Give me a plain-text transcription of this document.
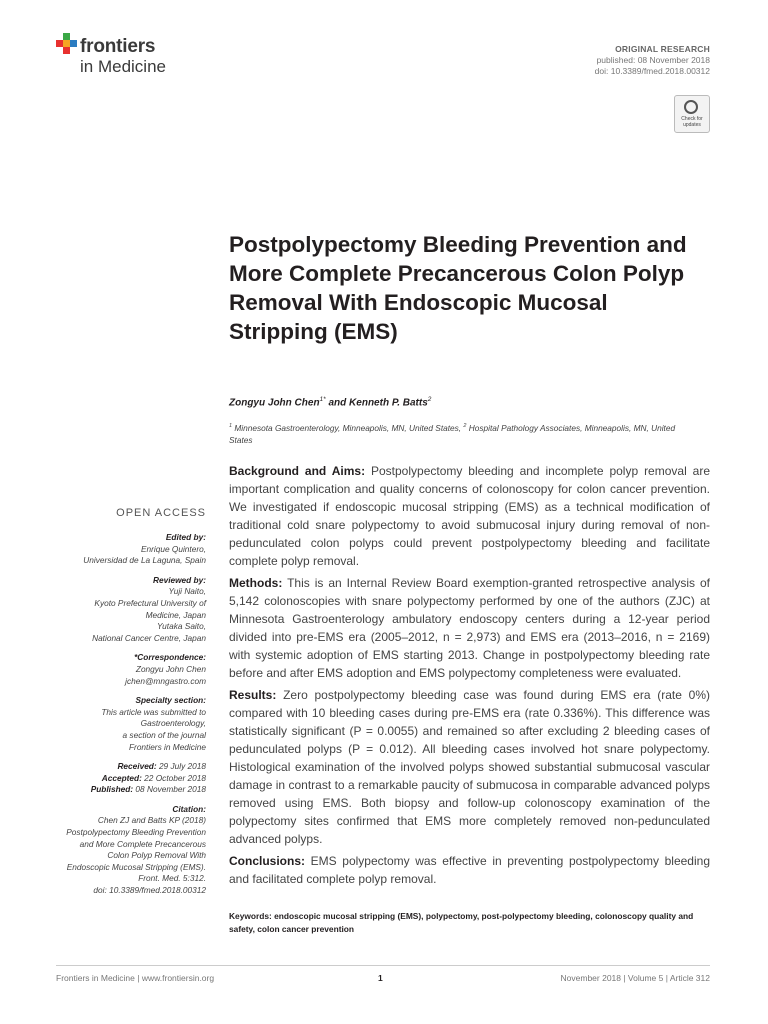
frontiers
in Medicine
ORIGINAL RESEARCH
published: 08 November 2018
doi: 10.3389/fmed.2018.00312
Check for
updates
Postpolypectomy Bleeding Prevention and More Complete Precancerous Colon Polyp Removal With Endoscopic Mucosal Stripping (EMS)
Zongyu John Chen$^{1*}$ and Kenneth P. Batts$^2$
$^1$ Minnesota Gastroenterology, Minneapolis, MN, United States, $^2$ Hospital Pathology Associates, Minneapolis, MN, United States

Background and Aims: Postpolypectomy bleeding and incomplete polyp removal are important complication and quality concerns of colonoscopy for colon cancer prevention. We investigated if endoscopic mucosal stripping (EMS) as a technical modification of traditional cold snare polypectomy to avoid submucosal injury during removal of non-pedunculated colon polyps could prevent postpolypectomy bleeding and facilitate complete polyp removal.

Methods: This is an Internal Review Board exemption-granted retrospective analysis of 5,142 colonoscopies with snare polypectomy performed by one of the authors (ZJC) at Minnesota Gastroenterology ambulatory endoscopy centers during a 12-year period divided into pre-EMS era (2005–2012, n = 2,973) and EMS era (2013–2016, n = 2169) with systemic adoption of EMS starting 2013. Change in postpolypectomy bleeding rate before and after EMS adoption and EMS polypectomy completeness were evaluated.

Results: Zero postpolypectomy bleeding case was found during EMS era (rate 0%) compared with 10 bleeding cases during pre-EMS era (rate 0.336%). This difference was statistically significant (P = 0.0055) and remained so after excluding 2 bleeding cases of pedunculated polyps (P = 0.012). All bleeding cases involved hot snare polypectomy. Histological examination of the involved polyps showed substantial submucosal vascular damage in contrast to a remarkable paucity of submucosa in comparable advanced polyps removed using EMS. Both biopsy and follow-up colonoscopy examination of the polypectomy sites confirmed that EMS more completely removed non-pedunculated advanced polyps.

Conclusions: EMS polypectomy was effective in preventing postpolypectomy bleeding and facilitated complete polyp removal.

Keywords: endoscopic mucosal stripping (EMS), polypectomy, post-polypectomy bleeding, colonoscopy quality and safety, colon cancer prevention
OPEN ACCESS
Edited by:
Enrique Quintero,
Universidad de La Laguna, Spain
Reviewed by:
Yuji Naito,
Kyoto Prefectural University of
Medicine, Japan
Yutaka Saito,
National Cancer Centre, Japan
*Correspondence:
Zongyu John Chen
jchen@mngastro.com
Specialty section:
This article was submitted to
Gastroenterology,
a section of the journal
Frontiers in Medicine
Received: 29 July 2018
Accepted: 22 October 2018
Published: 08 November 2018
Citation:
Chen ZJ and Batts KP (2018)
Postpolypectomy Bleeding Prevention
and More Complete Precancerous
Colon Polyp Removal With
Endoscopic Mucosal Stripping (EMS).
Front. Med. 5:312.
doi: 10.3389/fmed.2018.00312
Frontiers in Medicine | www.frontiersin.org	1	November 2018 | Volume 5 | Article 312
